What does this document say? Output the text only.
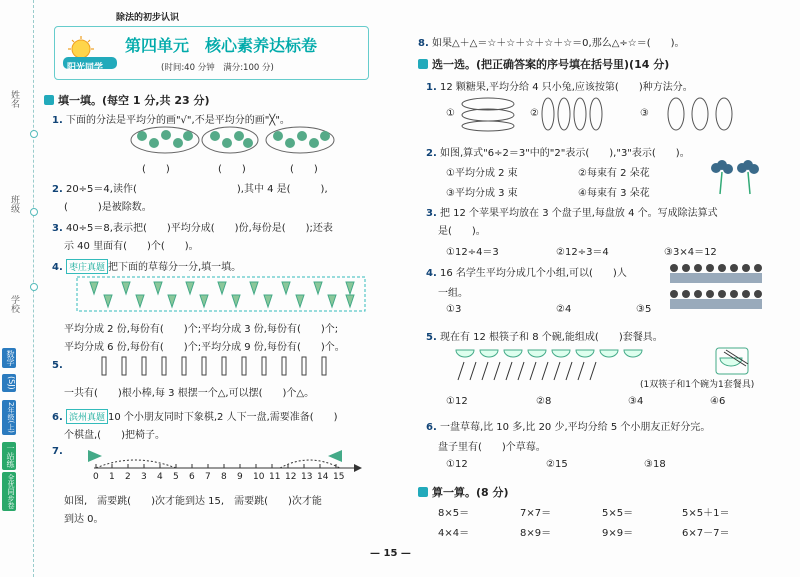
姓名
班级
学校
数学
(SJ)
2年级(上)
一站练
全优同步卷
除法的初步认识
阳光同学
第四单元　核心素养达标卷
(时间:40 分钟　满分:100 分)
填一填。(每空 1 分,共 23 分)
1. 下面的分法是平均分的画"√",不是平均分的画"╳"。
(　　)	(　　)	(　　)
2. 20÷5＝4,读作(　　　　　　　　　　),其中 4 是(　　　),
(　　　)是被除数。
3. 40÷5＝8,表示把(　　)平均分成(　　)份,每份是(　　);还表
示 40 里面有(　　)个(　　)。
4. 枣庄真题 把下面的草莓分一分,填一填。
平均分成 2 份,每份有(　　)个;平均分成 3 份,每份有(　　)个;
平均分成 6 份,每份有(　　)个;平均分成 9 份,每份有(　　)个。
5.
一共有(　　)根小棒,每 3 根摆一个△,可以摆(　　)个△。
6. 滨州真题 10 个小朋友同时下象棋,2 人下一盘,需要准备(　　)
个棋盘,(　　)把椅子。
7.
0 1 2 3 4 5 6 7 8 9 10 11 12 13 14 15
如图,　需要跳(　　)次才能到达 15,　需要跳(　　)次才能
到达 0。
8. 如果△＋△＝☆＋☆＋☆＋☆＋☆＝0,那么△÷☆＝(　　)。
选一选。(把正确答案的序号填在括号里)(14 分)
1. 12 颗糖果,平均分给 4 只小兔,应该按第(　　)种方法分。
①	②	③
2. 如图,算式"6÷2＝3"中的"2"表示(　　),"3"表示(　　)。
①平均分成 2 束	②每束有 2 朵花
③平均分成 3 束	④每束有 3 朵花
3. 把 12 个苹果平均放在 3 个盘子里,每盘放 4 个。写成除法算式
是(　　)。
①12÷4＝3	②12÷3＝4	③3×4＝12
4. 16 名学生平均分成几个小组,可以(　　)人
一组。
①3	②4	③5
5. 现在有 12 根筷子和 8 个碗,能组成(　　)套餐具。
(1双筷子和1个碗为1套餐具)
①12	②8	③4	④6
6. 一盘草莓,比 10 多,比 20 少,平均分给 5 个小朋友正好分完。
盘子里有(　　)个草莓。
①12	②15	③18
算一算。(8 分)
8×5＝	7×7＝	5×5＝	5×5＋1＝
4×4＝	8×9＝	9×9＝	6×7－7＝
— 15 —
